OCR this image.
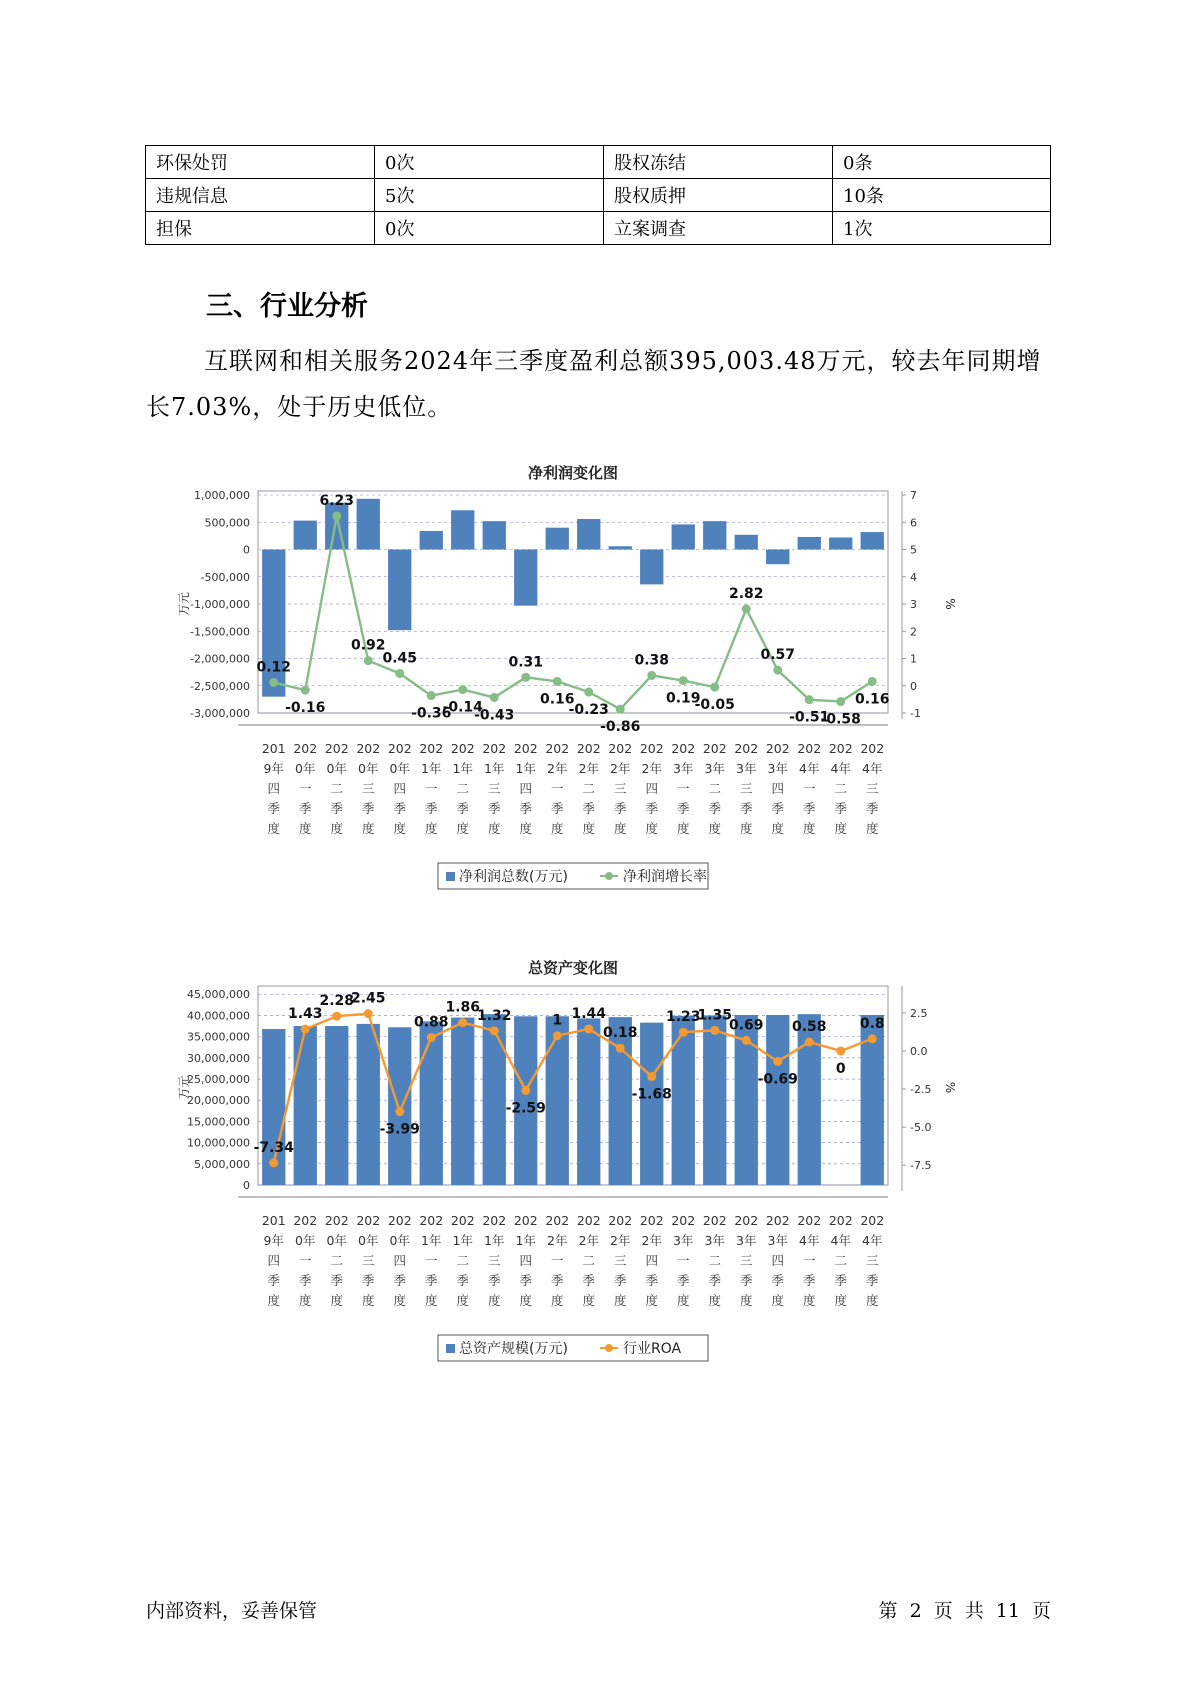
环保处罚	0次	股权冻结	0条
违规信息	5次	股权质押	10条
担保	0次	立案调查	1次
三、行业分析

互联网和相关服务2024年三季度盈利总额395,003.48万元，较去年同期增长7.03%，处于历史低位。

净利润变化图
-3,000,000
-2,500,000
-2,000,000
-1,500,000
-1,000,000
-500,000
0
500,000
1,000,000
-1
0
1
2
3
4
5
6
7
万元	%
0.12
-0.16
6.23
0.92
0.45
-0.36
-0.14
-0.43
0.31
0.16
-0.23
-0.86
0.38
0.19
-0.05
2.82
0.57
-0.51
-0.58
0.16
201 9年四季度
202 0年一季度
202 0年二季度
202 0年三季度
202 0年四季度
202 1年一季度
202 1年二季度
202 1年三季度
202 1年四季度
202 2年一季度
202 2年二季度
202 2年三季度
202 2年四季度
202 3年一季度
202 3年二季度
202 3年三季度
202 3年四季度
202 4年一季度
202 4年二季度
202 4年三季度
净利润总数(万元)	净利润增长率
总资产变化图
0
5,000,000
10,000,000
15,000,000
20,000,000
25,000,000
30,000,000
35,000,000
40,000,000
45,000,000
-7.5
-5.0
-2.5
0.0
2.5
万元	%
-7.34
1.43
2.28
2.45
-3.99
0.88
1.86
1.32
-2.59
1 1.44
0.18
-1.68
1.23
1.35
0.69
-0.69
0.58
0
0.8
201 9年四季度
202 0年一季度
202 0年二季度
202 0年三季度
202 0年四季度
202 1年一季度
202 1年二季度
202 1年三季度
202 1年四季度
202 2年一季度
202 2年二季度
202 2年三季度
202 2年四季度
202 3年一季度
202 3年二季度
202 3年三季度
202 3年四季度
202 4年一季度
202 4年二季度
202 4年三季度
总资产规模(万元)	行业ROA
内部资料，妥善保管	第 2 页 共 11 页
